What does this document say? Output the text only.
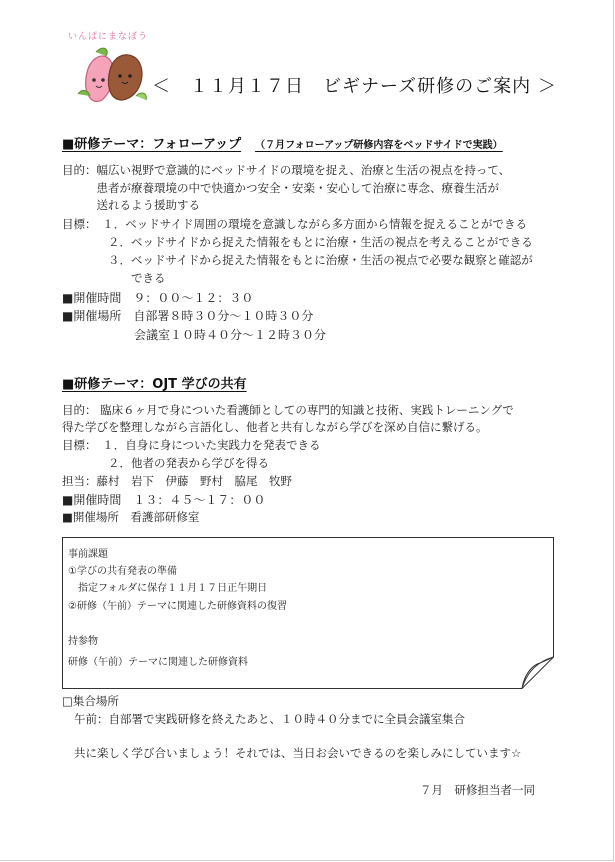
いんぱにまなぼう
＜　１１月１７日　ビギナーズ研修のご案内 ＞
■研修テーマ：フォローアップ （７月フォローアップ研修内容をベッドサイドで実践）
目的：幅広い視野で意識的にベッドサイドの環境を捉え、治療と生活の視点を持って、
　　　患者が療養環境の中で快適かつ安全・安楽・安心して治療に専念、療養生活が
　　　送れるよう援助する
目標：　１．ベッドサイド周囲の環境を意識しながら多方面から情報を捉えることができる
　　　　２．ベッドサイドから捉えた情報をもとに治療・生活の視点を考えることができる
　　　　３．ベッドサイドから捉えた情報をもとに治療・生活の視点で必要な観察と確認が
　　　　　　できる
■開催時間　９：００～１２：３０
■開催場所　自部署８時３０分～１０時３０分
会議室１０時４０分～１２時３０分
■研修テーマ：OJT 学びの共有
目的： 臨床６ヶ月で身についた看護師としての専門的知識と技術、実践トレーニングで
得た学びを整理しながら言語化し、他者と共有しながら学びを深め自信に繋げる。
目標：　１．自身に身についた実践力を発表できる
　　　　２．他者の発表から学びを得る
担当：藤村　岩下　伊藤　野村　脇尾　牧野
■開催時間　１３：４５～１７：００
■開催場所　看護部研修室
事前課題
①学びの共有発表の準備
　指定フォルダに保存１１月１７日正午期日
②研修（午前）テーマに関連した研修資料の復習
持参物
研修（午前）テーマに関連した研修資料
□集合場所
午前：自部署で実践研修を終えたあと、１０時４０分までに全員会議室集合
共に楽しく学び合いましょう！それでは、当日お会いできるのを楽しみにしています☆
７月　研修担当者一同
